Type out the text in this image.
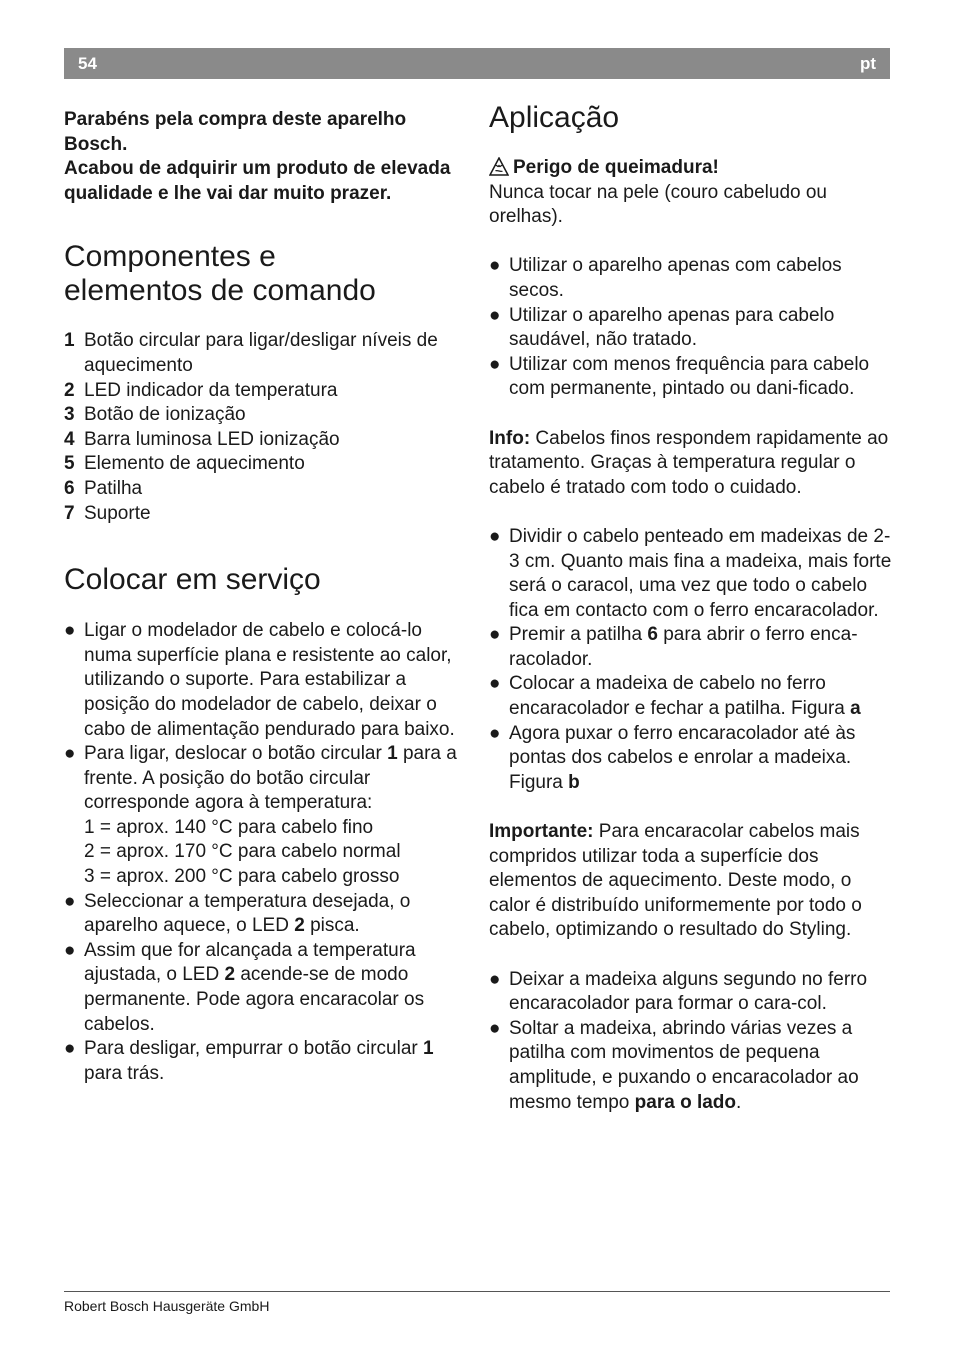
54	pt

Parabéns pela compra deste aparelho Bosch.

Acabou de adquirir um produto de elevada qualidade e lhe vai dar muito prazer.

Componentes e
elementos de comando
1 Botão circular para ligar/desligar níveis de aquecimento
2 LED indicador da temperatura
3 Botão de ionização
4 Barra luminosa LED ionização
5 Elemento de aquecimento
6 Patilha
7 Suporte
Colocar em serviço
● Ligar o modelador de cabelo e colocá-lo numa superfície plana e resistente ao calor, utilizando o suporte. Para estabilizar a posição do modelador de cabelo, deixar o cabo de alimentação pendurado para baixo.
● Para ligar, deslocar o botão circular 1 para a frente. A posição do botão circular corresponde agora à temperatura:
1 = aprox. 140 °C para cabelo fino
2 = aprox. 170 °C para cabelo normal
3 = aprox. 200 °C para cabelo grosso
● Seleccionar a temperatura desejada, o aparelho aquece, o LED 2 pisca.
● Assim que for alcançada a temperatura ajustada, o LED 2 acende-se de modo permanente. Pode agora encaracolar os cabelos.
● Para desligar, empurrar o botão circular 1 para trás.
Aplicação

Perigo de queimadura!

Nunca tocar na pele (couro cabeludo ou orelhas).

● Utilizar o aparelho apenas com cabelos secos.
● Utilizar o aparelho apenas para cabelo saudável, não tratado.
● Utilizar com menos frequência para cabelo com permanente, pintado ou dani-ficado.

Info: Cabelos finos respondem rapidamente ao tratamento. Graças à temperatura regular o cabelo é tratado com todo o cuidado.

● Dividir o cabelo penteado em madeixas de 2-3 cm. Quanto mais fina a madeixa, mais forte será o caracol, uma vez que todo o cabelo fica em contacto com o ferro encaracolador.
● Premir a patilha 6 para abrir o ferro enca-racolador.
● Colocar a madeixa de cabelo no ferro encaracolador e fechar a patilha. Figura a
● Agora puxar o ferro encaracolador até às pontas dos cabelos e enrolar a madeixa. Figura b

Importante: Para encaracolar cabelos mais compridos utilizar toda a superfície dos elementos de aquecimento. Deste modo, o calor é distribuído uniformemente por todo o cabelo, optimizando o resultado do Styling.

● Deixar a madeixa alguns segundo no ferro encaracolador para formar o cara-col.
● Soltar a madeixa, abrindo várias vezes a patilha com movimentos de pequena amplitude, e puxando o encaracolador ao mesmo tempo para o lado.
Robert Bosch Hausgeräte GmbH
